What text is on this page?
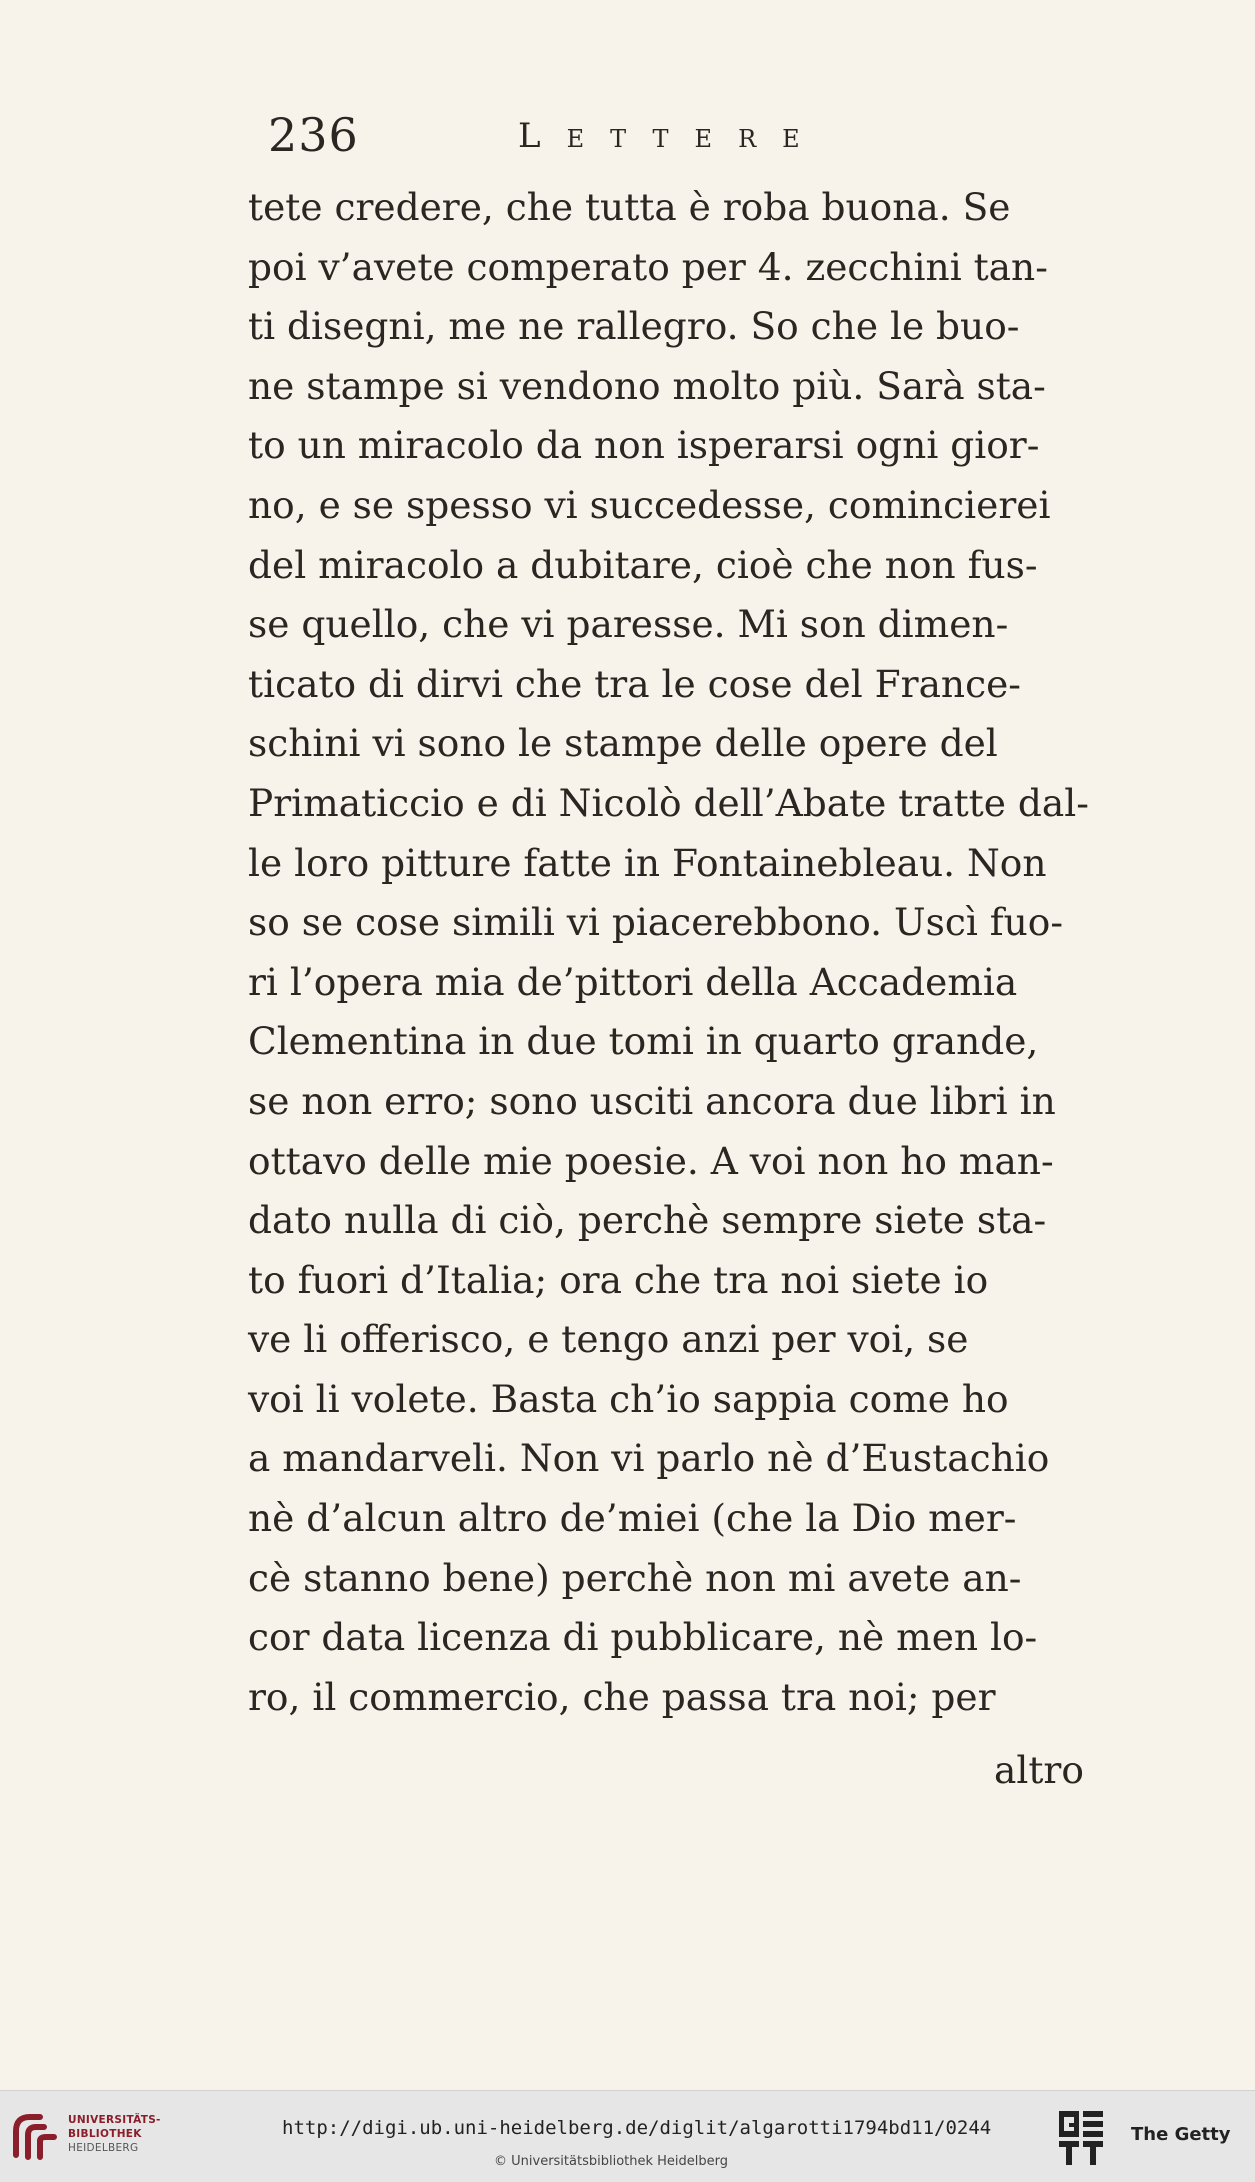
236	Lettere
tete credere, che tutta è roba buona. Se
poi v’avete comperato per 4. zecchini tan-
ti disegni, me ne rallegro. So che le buo-
ne stampe si vendono molto più. Sarà sta-
to un miracolo da non isperarsi ogni gior-
no, e se spesso vi succedesse, comincierei
del miracolo a dubitare, cioè che non fus-
se quello, che vi paresse. Mi son dimen-
ticato di dirvi che tra le cose del France-
schini vi sono le stampe delle opere del
Primaticcio e di Nicolò dell’Abate tratte dal-
le loro pitture fatte in Fontainebleau. Non
so se cose simili vi piacerebbono. Uscì fuo-
ri l’opera mia de’pittori della Accademia
Clementina in due tomi in quarto grande,
se non erro; sono usciti ancora due libri in
ottavo delle mie poesie. A voi non ho man-
dato nulla di ciò, perchè sempre siete sta-
to fuori d’Italia; ora che tra noi siete io
ve li offerisco, e tengo anzi per voi, se
voi li volete. Basta ch’io sappia come ho
a mandarveli. Non vi parlo nè d’Eustachio
nè d’alcun altro de’miei (che la Dio mer-
cè stanno bene) perchè non mi avete an-
cor data licenza di pubblicare, nè men lo-
ro, il commercio, che passa tra noi; per
altro
UNIVERSITÄTS-
BIBLIOTHEK
HEIDELBERG
http://digi.ub.uni-heidelberg.de/diglit/algarotti1794bd11/0244
© Universitätsbibliothek Heidelberg
The Getty
